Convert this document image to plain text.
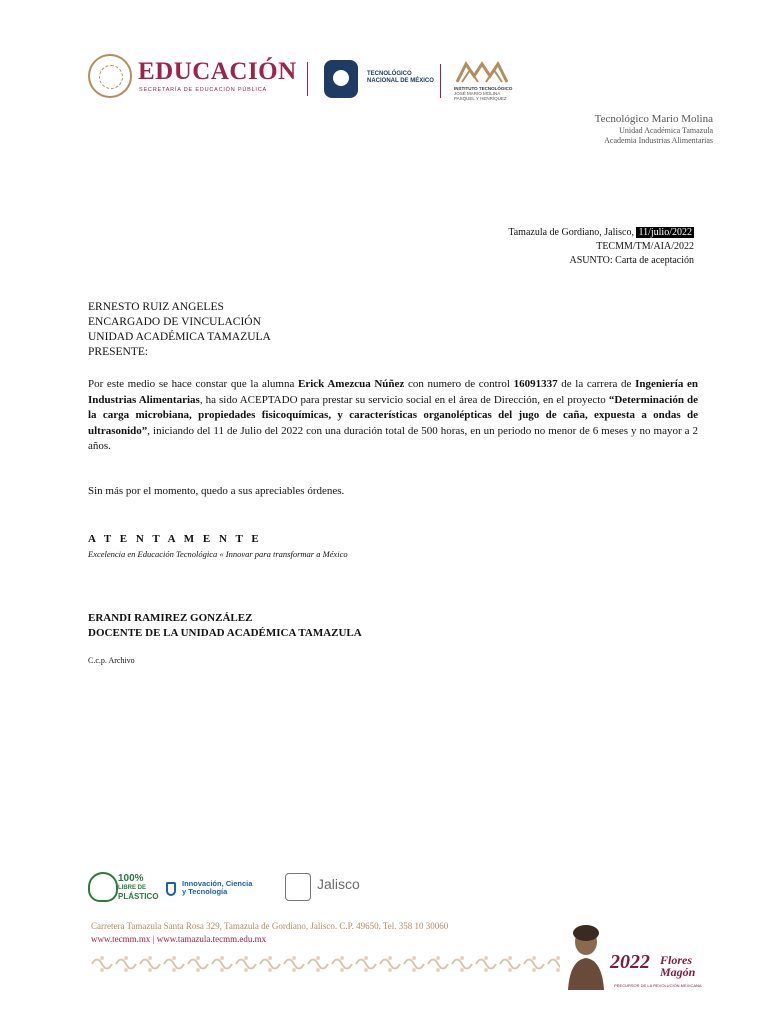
EDUCACIÓN
SECRETARÍA DE EDUCACIÓN PÚBLICA
TECNOLÓGICO
NACIONAL DE MÉXICO
INSTITUTO TECNOLÓGICO
JOSÉ MARIO MOLINA
PASQUEL Y HENRÍQUEZ
Tecnológico Mario Molina
Unidad Académica Tamazula
Academia Industrias Alimentarias
Tamazula de Gordiano, Jalisco, 11/julio/2022
TECMM/TM/AIA/2022
ASUNTO: Carta de aceptación
ERNESTO RUIZ ANGELES
ENCARGADO DE VINCULACIÓN
UNIDAD ACADÉMICA TAMAZULA
PRESENTE:
Por este medio se hace constar que la alumna Erick Amezcua Núñez con numero de control 16091337 de la carrera de Ingeniería en Industrias Alimentarias, ha sido ACEPTADO para prestar su servicio social en el área de Dirección, en el proyecto “Determinación de la carga microbiana, propiedades fisicoquímicas, y características organolépticas del jugo de caña, expuesta a ondas de ultrasonido”, iniciando del 11 de Julio del 2022 con una duración total de 500 horas, en un periodo no menor de 6 meses y no mayor a 2 años.
Sin más por el momento, quedo a sus apreciables órdenes.
A T E N T A M E N T E
Excelencia en Educación Tecnológica « Innovar para transformar a México
ERANDI RAMIREZ GONZÁLEZ
DOCENTE DE LA UNIDAD ACADÉMICA TAMAZULA
C.c.p. Archivo
100%
LIBRE DE
PLÁSTICO
Innovación, Ciencia
y Tecnología	Jalisco
Carretera Tamazula Santa Rosa 329, Tamazula de Gordiano, Jalisco. C.P. 49650. Tel. 358 10 30060
www.tecmm.mx | www.tamazula.tecmm.edu.mx
2022 Flores
Magón
PRECURSOR DE LA REVOLUCIÓN MEXICANA
